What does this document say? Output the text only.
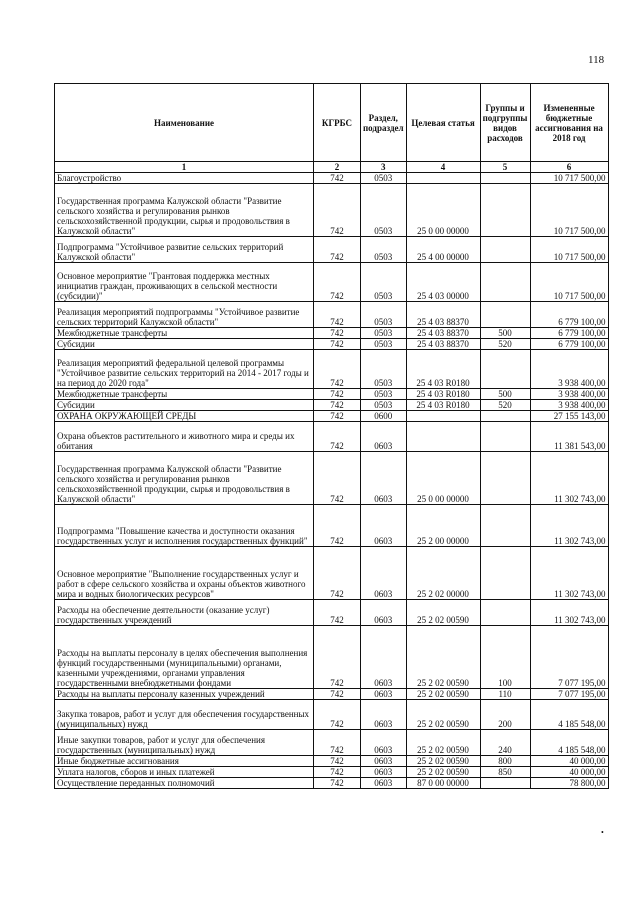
118
Наименование	КГРБС	Раздел, подраздел	Целевая статья	Группы и подгруппы видов расходов	Измененные бюджетные ассигнования на 2018 год
1	2	3	4	5	6
Благоустройство	742	0503			10 717 500,00
Государственная программа Калужской области "Развитие сельского хозяйства и регулирования рынков сельскохозяйственной продукции, сырья и продовольствия в Калужской области"	742	0503	25 0 00 00000		10 717 500,00
Подпрограмма "Устойчивое развитие сельских территорий Калужской области"	742	0503	25 4 00 00000		10 717 500,00
Основное мероприятие "Грантовая поддержка местных инициатив граждан, проживающих в сельской местности (субсидии)"	742	0503	25 4 03 00000		10 717 500,00
Реализация мероприятий подпрограммы "Устойчивое развитие сельских территорий Калужской области"	742	0503	25 4 03 88370		6 779 100,00
Межбюджетные трансферты	742	0503	25 4 03 88370	500	6 779 100,00
Субсидии	742	0503	25 4 03 88370	520	6 779 100,00
Реализация мероприятий федеральной целевой программы "Устойчивое развитие сельских территорий на 2014 - 2017 годы и на период до 2020 года"	742	0503	25 4 03 R0180		3 938 400,00
Межбюджетные трансферты	742	0503	25 4 03 R0180	500	3 938 400,00
Субсидии	742	0503	25 4 03 R0180	520	3 938 400,00
ОХРАНА ОКРУЖАЮЩЕЙ СРЕДЫ	742	0600			27 155 143,00
Охрана объектов растительного и животного мира и среды их обитания	742	0603			11 381 543,00
Государственная программа Калужской области "Развитие сельского хозяйства и регулирования рынков сельскохозяйственной продукции, сырья и продовольствия в Калужской области"	742	0603	25 0 00 00000		11 302 743,00
Подпрограмма "Повышение качества и доступности оказания государственных услуг и исполнения государственных функций"	742	0603	25 2 00 00000		11 302 743,00
Основное мероприятие "Выполнение государственных услуг и работ в сфере сельского хозяйства и охраны объектов животного мира и водных биологических ресурсов"	742	0603	25 2 02 00000		11 302 743,00
Расходы на обеспечение деятельности (оказание услуг) государственных учреждений	742	0603	25 2 02 00590		11 302 743,00
Расходы на выплаты персоналу в целях обеспечения выполнения функций государственными (муниципальными) органами, казенными учреждениями, органами управления государственными внебюджетными фондами	742	0603	25 2 02 00590	100	7 077 195,00
Расходы на выплаты персоналу казенных учреждений	742	0603	25 2 02 00590	110	7 077 195,00
Закупка товаров, работ и услуг для обеспечения государственных (муниципальных) нужд	742	0603	25 2 02 00590	200	4 185 548,00
Иные закупки товаров, работ и услуг для обеспечения государственных (муниципальных) нужд	742	0603	25 2 02 00590	240	4 185 548,00
Иные бюджетные ассигнования	742	0603	25 2 02 00590	800	40 000,00
Уплата налогов, сборов и иных платежей	742	0603	25 2 02 00590	850	40 000,00
Осуществление переданных полномочий	742	0603	87 0 00 00000		78 800,00
•
